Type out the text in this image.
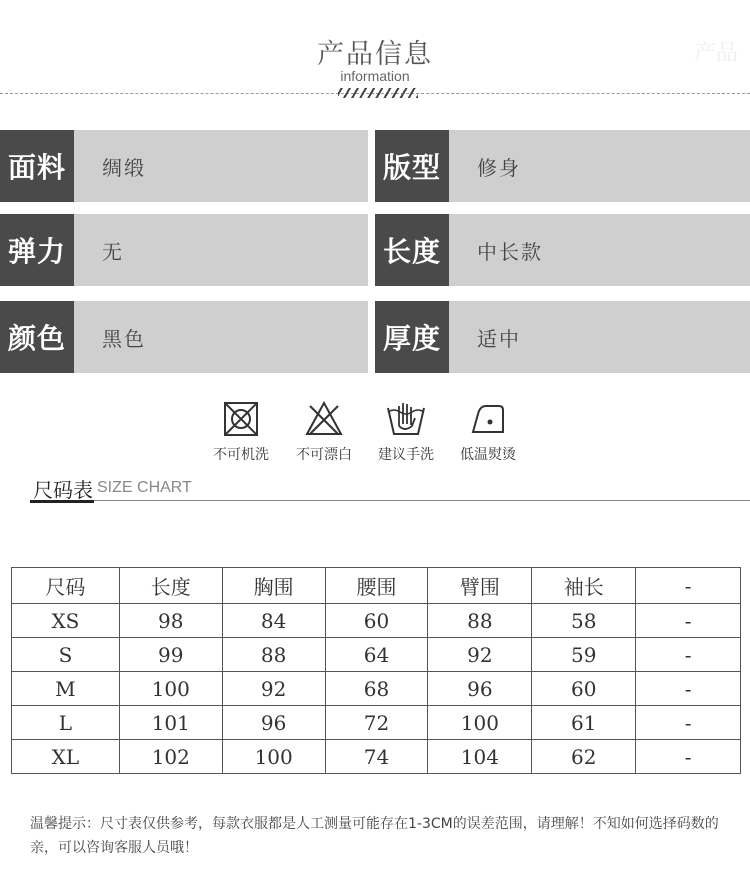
产品信息
information
产品
面料	绸缎	版型	修身
弹力	无	长度	中长款
颜色	黑色	厚度	适中
不可机洗	不可漂白	建议手洗	低温熨烫
尺码表 SIZE CHART
尺码	长度	胸围	腰围	臂围	袖长	-
XS	98	84	60	88	58	-
S	99	88	64	92	59	-
M	100	92	68	96	60	-
L	101	96	72	100	61	-
XL	102	100	74	104	62	-
温馨提示：尺寸表仅供参考，每款衣服都是人工测量可能存在1-3CM的误差范围，请理解！不知如何选择码数的亲，可以咨询客服人员哦！
